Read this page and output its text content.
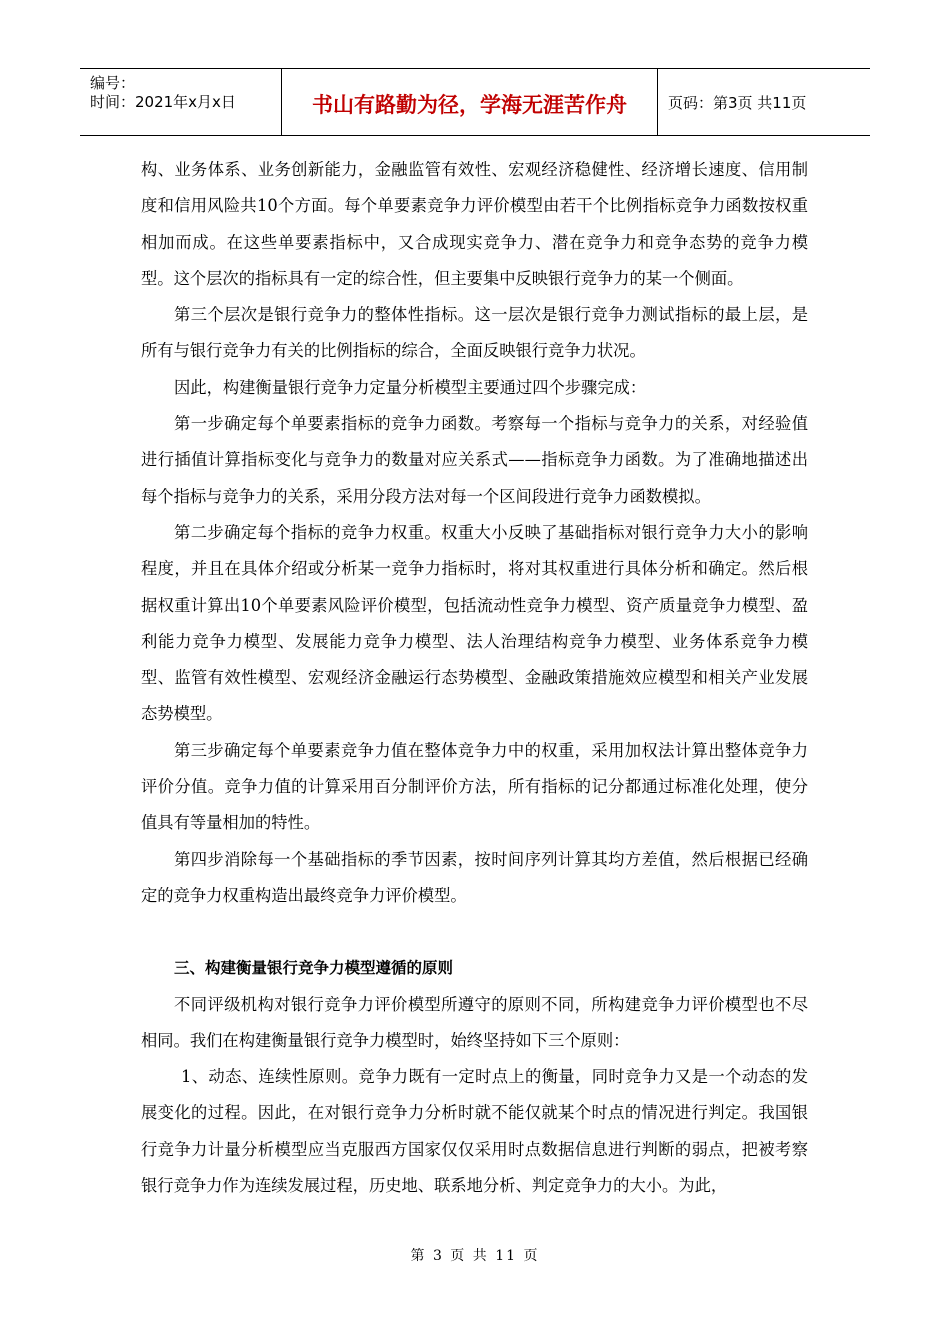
编号：
时间：2021年x月x日	书山有路勤为径，学海无涯苦作舟	页码：第3页 共11页

构、业务体系、业务创新能力，金融监管有效性、宏观经济稳健性、经济增长速度、信用制度和信用风险共10个方面。每个单要素竞争力评价模型由若干个比例指标竞争力函数按权重相加而成。在这些单要素指标中，又合成现实竞争力、潜在竞争力和竞争态势的竞争力模型。这个层次的指标具有一定的综合性，但主要集中反映银行竞争力的某一个侧面。

第三个层次是银行竞争力的整体性指标。这一层次是银行竞争力测试指标的最上层，是所有与银行竞争力有关的比例指标的综合，全面反映银行竞争力状况。

因此，构建衡量银行竞争力定量分析模型主要通过四个步骤完成：

第一步确定每个单要素指标的竞争力函数。考察每一个指标与竞争力的关系，对经验值进行插值计算指标变化与竞争力的数量对应关系式——指标竞争力函数。为了准确地描述出每个指标与竞争力的关系，采用分段方法对每一个区间段进行竞争力函数模拟。

第二步确定每个指标的竞争力权重。权重大小反映了基础指标对银行竞争力大小的影响程度，并且在具体介绍或分析某一竞争力指标时，将对其权重进行具体分析和确定。然后根据权重计算出10个单要素风险评价模型，包括流动性竞争力模型、资产质量竞争力模型、盈利能力竞争力模型、发展能力竞争力模型、法人治理结构竞争力模型、业务体系竞争力模型、监管有效性模型、宏观经济金融运行态势模型、金融政策措施效应模型和相关产业发展态势模型。

第三步确定每个单要素竞争力值在整体竞争力中的权重，采用加权法计算出整体竞争力评价分值。竞争力值的计算采用百分制评价方法，所有指标的记分都通过标准化处理，使分值具有等量相加的特性。

第四步消除每一个基础指标的季节因素，按时间序列计算其均方差值，然后根据已经确定的竞争力权重构造出最终竞争力评价模型。

三、构建衡量银行竞争力模型遵循的原则

不同评级机构对银行竞争力评价模型所遵守的原则不同，所构建竞争力评价模型也不尽相同。我们在构建衡量银行竞争力模型时，始终坚持如下三个原则：

1、动态、连续性原则。竞争力既有一定时点上的衡量，同时竞争力又是一个动态的发展变化的过程。因此，在对银行竞争力分析时就不能仅就某个时点的情况进行判定。我国银行竞争力计量分析模型应当克服西方国家仅仅采用时点数据信息进行判断的弱点，把被考察银行竞争力作为连续发展过程，历史地、联系地分析、判定竞争力的大小。为此，

第 3 页 共 11 页
